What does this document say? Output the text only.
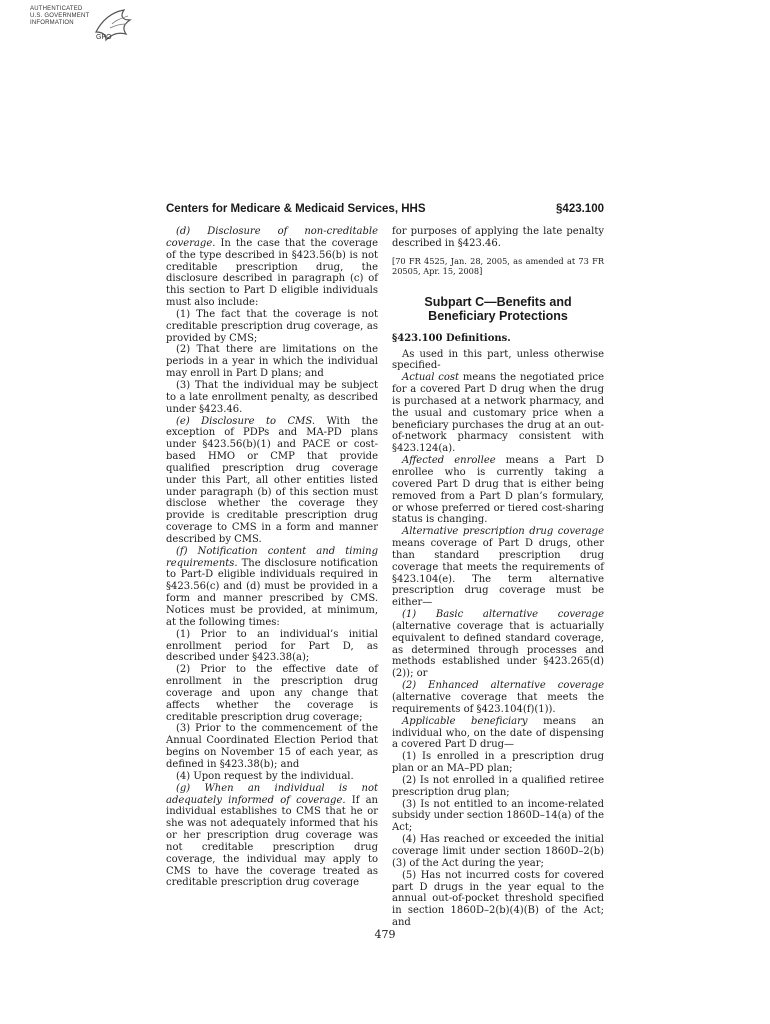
AUTHENTICATED
U.S. GOVERNMENT
INFORMATION
GPO
Centers for Medicare & Medicaid Services, HHS	§423.100

(d) Disclosure of non-creditable coverage. In the case that the coverage of the type described in §423.56(b) is not creditable prescription drug, the disclosure described in paragraph (c) of this section to Part D eligible individuals must also include:

(1) The fact that the coverage is not creditable prescription drug coverage, as provided by CMS;

(2) That there are limitations on the periods in a year in which the individual may enroll in Part D plans; and

(3) That the individual may be subject to a late enrollment penalty, as described under §423.46.

(e) Disclosure to CMS. With the exception of PDPs and MA-PD plans under §423.56(b)(1) and PACE or cost-based HMO or CMP that provide qualified prescription drug coverage under this Part, all other entities listed under paragraph (b) of this section must disclose whether the coverage they provide is creditable prescription drug coverage to CMS in a form and manner described by CMS.

(f) Notification content and timing requirements. The disclosure notification to Part-D eligible individuals required in §423.56(c) and (d) must be provided in a form and manner prescribed by CMS. Notices must be provided, at minimum, at the following times:

(1) Prior to an individual’s initial enrollment period for Part D, as described under §423.38(a);

(2) Prior to the effective date of enrollment in the prescription drug coverage and upon any change that affects whether the coverage is creditable prescription drug coverage;

(3) Prior to the commencement of the Annual Coordinated Election Period that begins on November 15 of each year, as defined in §423.38(b); and

(4) Upon request by the individual.

(g) When an individual is not adequately informed of coverage. If an individual establishes to CMS that he or she was not adequately informed that his or her prescription drug coverage was not creditable prescription drug coverage, the individual may apply to CMS to have the coverage treated as creditable prescription drug coverage

for purposes of applying the late penalty described in §423.46.

[70 FR 4525, Jan. 28, 2005, as amended at 73 FR 20505, Apr. 15, 2008]

Subpart C—Benefits and
Beneficiary Protections

§423.100 Definitions.

As used in this part, unless otherwise specified-

Actual cost means the negotiated price for a covered Part D drug when the drug is purchased at a network pharmacy, and the usual and customary price when a beneficiary purchases the drug at an out-of-network pharmacy consistent with §423.124(a).

Affected enrollee means a Part D enrollee who is currently taking a covered Part D drug that is either being removed from a Part D plan’s formulary, or whose preferred or tiered cost-sharing status is changing.

Alternative prescription drug coverage means coverage of Part D drugs, other than standard prescription drug coverage that meets the requirements of §423.104(e). The term alternative prescription drug coverage must be either—

(1) Basic alternative coverage (alternative coverage that is actuarially equivalent to defined standard coverage, as determined through processes and methods established under §423.265(d)(2)); or

(2) Enhanced alternative coverage (alternative coverage that meets the requirements of §423.104(f)(1)).

Applicable beneficiary means an individual who, on the date of dispensing a covered Part D drug—

(1) Is enrolled in a prescription drug plan or an MA–PD plan;

(2) Is not enrolled in a qualified retiree prescription drug plan;

(3) Is not entitled to an income-related subsidy under section 1860D–14(a) of the Act;

(4) Has reached or exceeded the initial coverage limit under section 1860D–2(b)(3) of the Act during the year;

(5) Has not incurred costs for covered part D drugs in the year equal to the annual out-of-pocket threshold specified in section 1860D–2(b)(4)(B) of the Act; and

479
